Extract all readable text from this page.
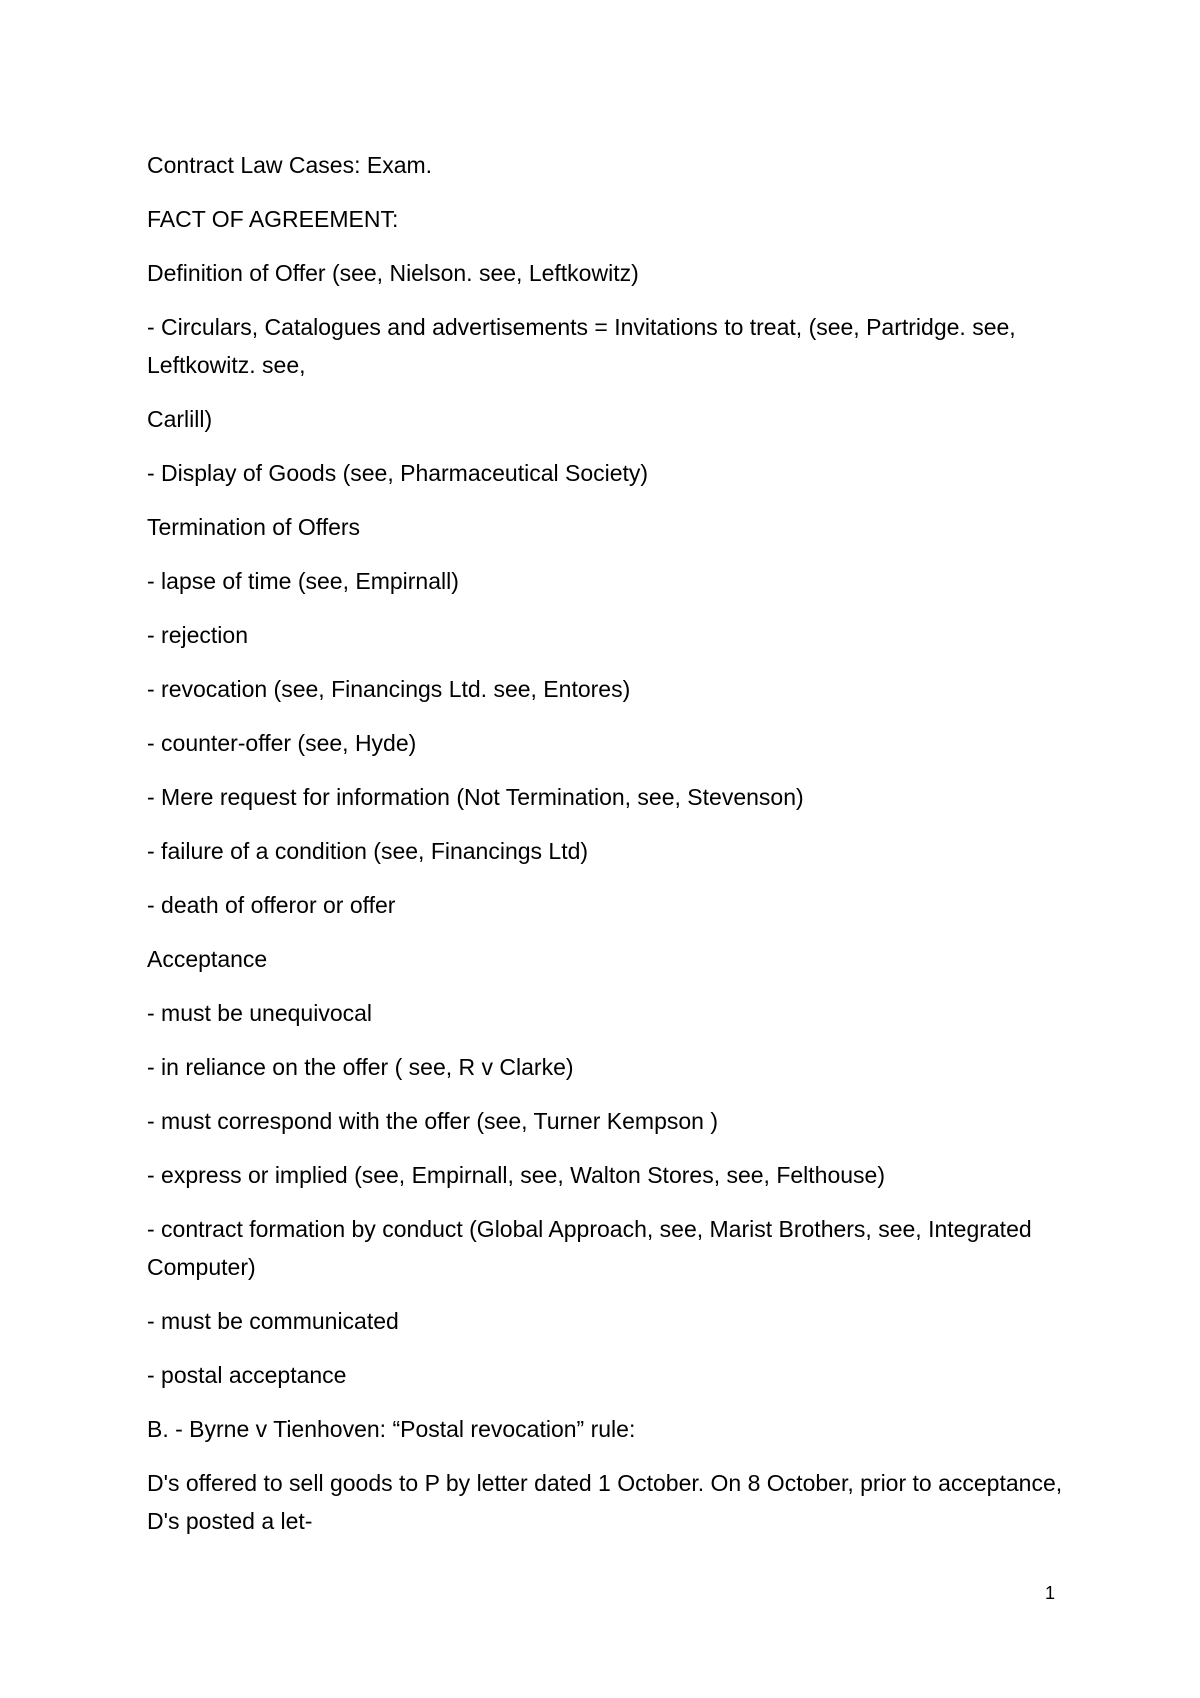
Contract Law Cases: Exam.
FACT OF AGREEMENT:
Definition of Offer (see, Nielson. see, Leftkowitz)
- Circulars, Catalogues and advertisements = Invitations to treat, (see, Partridge. see, Leftkowitz. see,
Carlill)
- Display of Goods (see, Pharmaceutical Society)
Termination of Offers
- lapse of time (see, Empirnall)
- rejection
- revocation (see, Financings Ltd. see, Entores)
- counter-offer (see, Hyde)
- Mere request for information (Not Termination, see, Stevenson)
- failure of a condition (see, Financings Ltd)
- death of offeror or offer
Acceptance
- must be unequivocal
- in reliance on the offer ( see, R v Clarke)
- must correspond with the offer (see, Turner Kempson )
- express or implied (see, Empirnall, see, Walton Stores, see, Felthouse)
- contract formation by conduct (Global Approach, see, Marist Brothers, see, Integrated Computer)
- must be communicated
- postal acceptance
B. - Byrne v Tienhoven: “Postal revocation” rule:
D's offered to sell goods to P by letter dated 1 October. On 8 October, prior to acceptance, D's posted a let-
1
